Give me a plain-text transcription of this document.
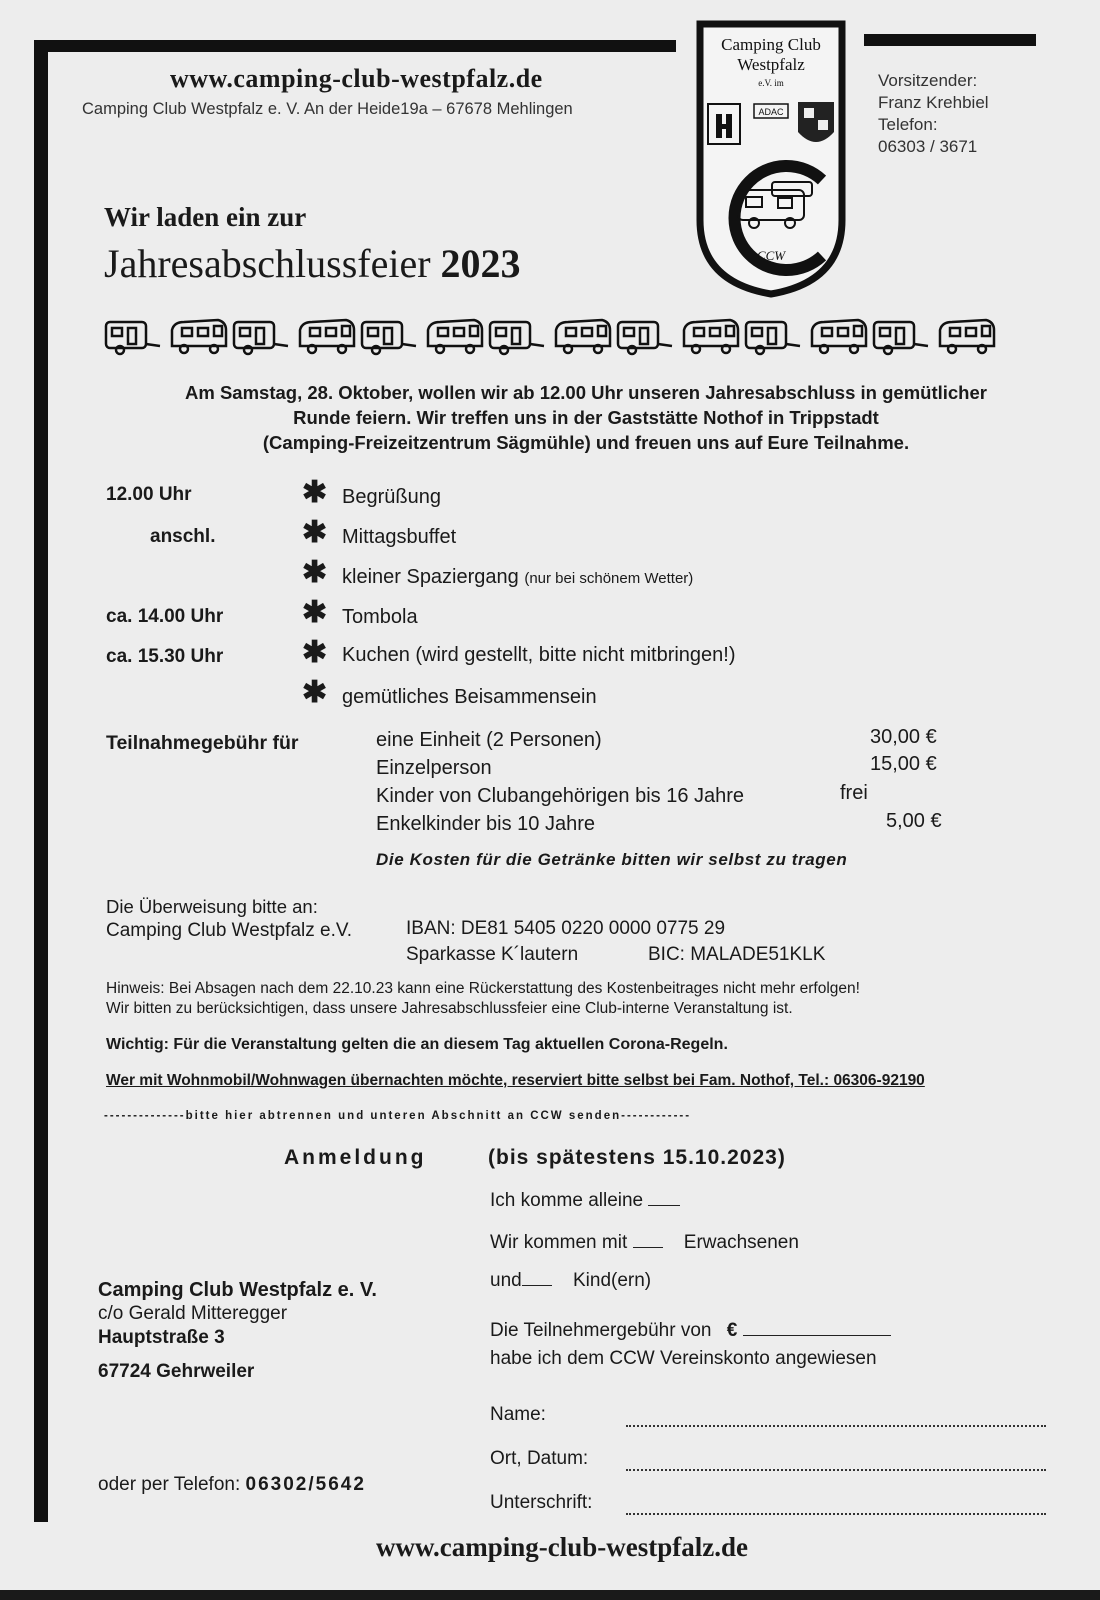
www.camping-club-westpfalz.de
Camping Club Westpfalz e. V. An der Heide19a – 67678 Mehlingen
Vorsitzender:
Franz Krehbiel
Telefon:
06303 / 3671
Camping Club
Westpfalz
e.V. im
ADAC
CCW
Wir laden ein zur
Jahresabschlussfeier 2023
Am Samstag, 28. Oktober, wollen wir ab 12.00 Uhr unseren Jahresabschluss in gemütlicher
Runde feiern. Wir treffen uns in der Gaststätte Nothof in Trippstadt
(Camping-Freizeitzentrum Sägmühle) und freuen uns auf Eure Teilnahme.
12.00 Uhr	✱ Begrüßung
anschl.	✱ Mittagsbuffet
✱ kleiner Spaziergang (nur bei schönem Wetter)
ca. 14.00 Uhr	✱ Tombola
ca. 15.30 Uhr	✱ Kuchen (wird gestellt, bitte nicht mitbringen!)
✱ gemütliches Beisammensein
Teilnahmegebühr für	eine Einheit (2 Personen)	30,00 €
Einzelperson	15,00 €
Kinder von Clubangehörigen bis 16 Jahre	frei
Enkelkinder bis 10 Jahre	5,00 €
Die Kosten für die Getränke bitten wir selbst zu tragen
Die Überweisung bitte an:
Camping Club Westpfalz e.V.	IBAN: DE81 5405 0220 0000 0775 29
Sparkasse K´lautern	BIC: MALADE51KLK
Hinweis: Bei Absagen nach dem 22.10.23 kann eine Rückerstattung des Kostenbeitrages nicht mehr erfolgen!
Wir bitten zu berücksichtigen, dass unsere Jahresabschlussfeier eine Club-interne Veranstaltung ist.
Wichtig: Für die Veranstaltung gelten die an diesem Tag aktuellen Corona-Regeln.
Wer mit Wohnmobil/Wohnwagen übernachten möchte, reserviert bitte selbst bei Fam. Nothof, Tel.: 06306-92190
--------------bitte hier abtrennen und unteren Abschnitt an CCW senden------------
Anmeldung	(bis spätestens 15.10.2023)
Ich komme alleine
Wir kommen mit	Erwachsenen
und	Kind(ern)
Die Teilnehmergebühr von €
habe ich dem CCW Vereinskonto angewiesen
Name:
Ort, Datum:
Unterschrift:
Camping Club Westpfalz e. V.
c/o Gerald Mitteregger
Hauptstraße 3
67724 Gehrweiler
oder per Telefon: 06302/5642
www.camping-club-westpfalz.de
